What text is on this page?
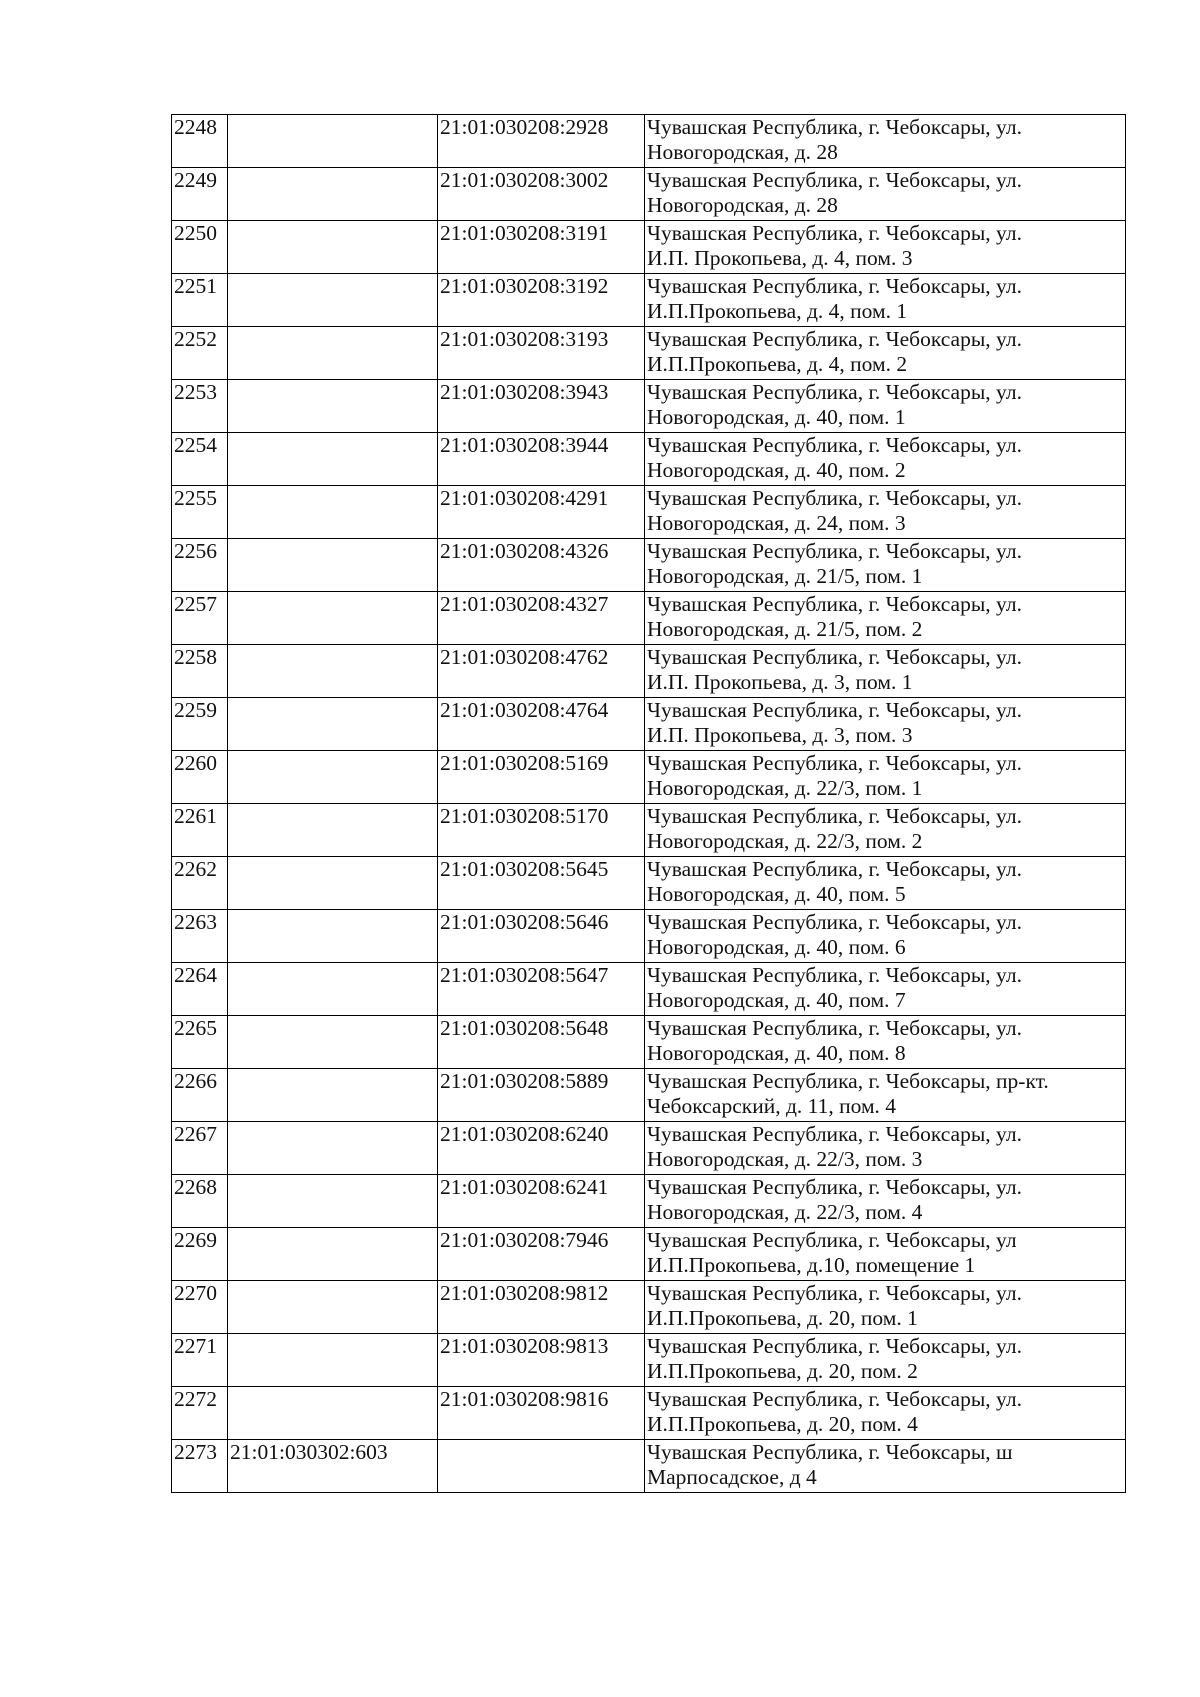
2248		21:01:030208:2928	Чувашская Республика, г. Чебоксары, ул.
Новогородская, д. 28

2249		21:01:030208:3002	Чувашская Республика, г. Чебоксары, ул.
Новогородская, д. 28

2250		21:01:030208:3191	Чувашская Республика, г. Чебоксары, ул.
И.П. Прокопьева, д. 4, пом. 3

2251		21:01:030208:3192	Чувашская Республика, г. Чебоксары, ул.
И.П.Прокопьева, д. 4, пом. 1

2252		21:01:030208:3193	Чувашская Республика, г. Чебоксары, ул.
И.П.Прокопьева, д. 4, пом. 2

2253		21:01:030208:3943	Чувашская Республика, г. Чебоксары, ул.
Новогородская, д. 40, пом. 1

2254		21:01:030208:3944	Чувашская Республика, г. Чебоксары, ул.
Новогородская, д. 40, пом. 2

2255		21:01:030208:4291	Чувашская Республика, г. Чебоксары, ул.
Новогородская, д. 24, пом. 3

2256		21:01:030208:4326	Чувашская Республика, г. Чебоксары, ул.
Новогородская, д. 21/5, пом. 1

2257		21:01:030208:4327	Чувашская Республика, г. Чебоксары, ул.
Новогородская, д. 21/5, пом. 2

2258		21:01:030208:4762	Чувашская Республика, г. Чебоксары, ул.
И.П. Прокопьева, д. 3, пом. 1

2259		21:01:030208:4764	Чувашская Республика, г. Чебоксары, ул.
И.П. Прокопьева, д. 3, пом. 3

2260		21:01:030208:5169	Чувашская Республика, г. Чебоксары, ул.
Новогородская, д. 22/3, пом. 1

2261		21:01:030208:5170	Чувашская Республика, г. Чебоксары, ул.
Новогородская, д. 22/3, пом. 2

2262		21:01:030208:5645	Чувашская Республика, г. Чебоксары, ул.
Новогородская, д. 40, пом. 5

2263		21:01:030208:5646	Чувашская Республика, г. Чебоксары, ул.
Новогородская, д. 40, пом. 6

2264		21:01:030208:5647	Чувашская Республика, г. Чебоксары, ул.
Новогородская, д. 40, пом. 7

2265		21:01:030208:5648	Чувашская Республика, г. Чебоксары, ул.
Новогородская, д. 40, пом. 8

2266		21:01:030208:5889	Чувашская Республика, г. Чебоксары, пр-кт.
Чебоксарский, д. 11, пом. 4

2267		21:01:030208:6240	Чувашская Республика, г. Чебоксары, ул.
Новогородская, д. 22/3, пом. 3

2268		21:01:030208:6241	Чувашская Республика, г. Чебоксары, ул.
Новогородская, д. 22/3, пом. 4

2269		21:01:030208:7946	Чувашская Республика, г. Чебоксары, ул
И.П.Прокопьева, д.10, помещение 1

2270		21:01:030208:9812	Чувашская Республика, г. Чебоксары, ул.
И.П.Прокопьева, д. 20, пом. 1

2271		21:01:030208:9813	Чувашская Республика, г. Чебоксары, ул.
И.П.Прокопьева, д. 20, пом. 2

2272		21:01:030208:9816	Чувашская Республика, г. Чебоксары, ул.
И.П.Прокопьева, д. 20, пом. 4

2273	21:01:030302:603		Чувашская Республика, г. Чебоксары, ш
Марпосадское, д 4
